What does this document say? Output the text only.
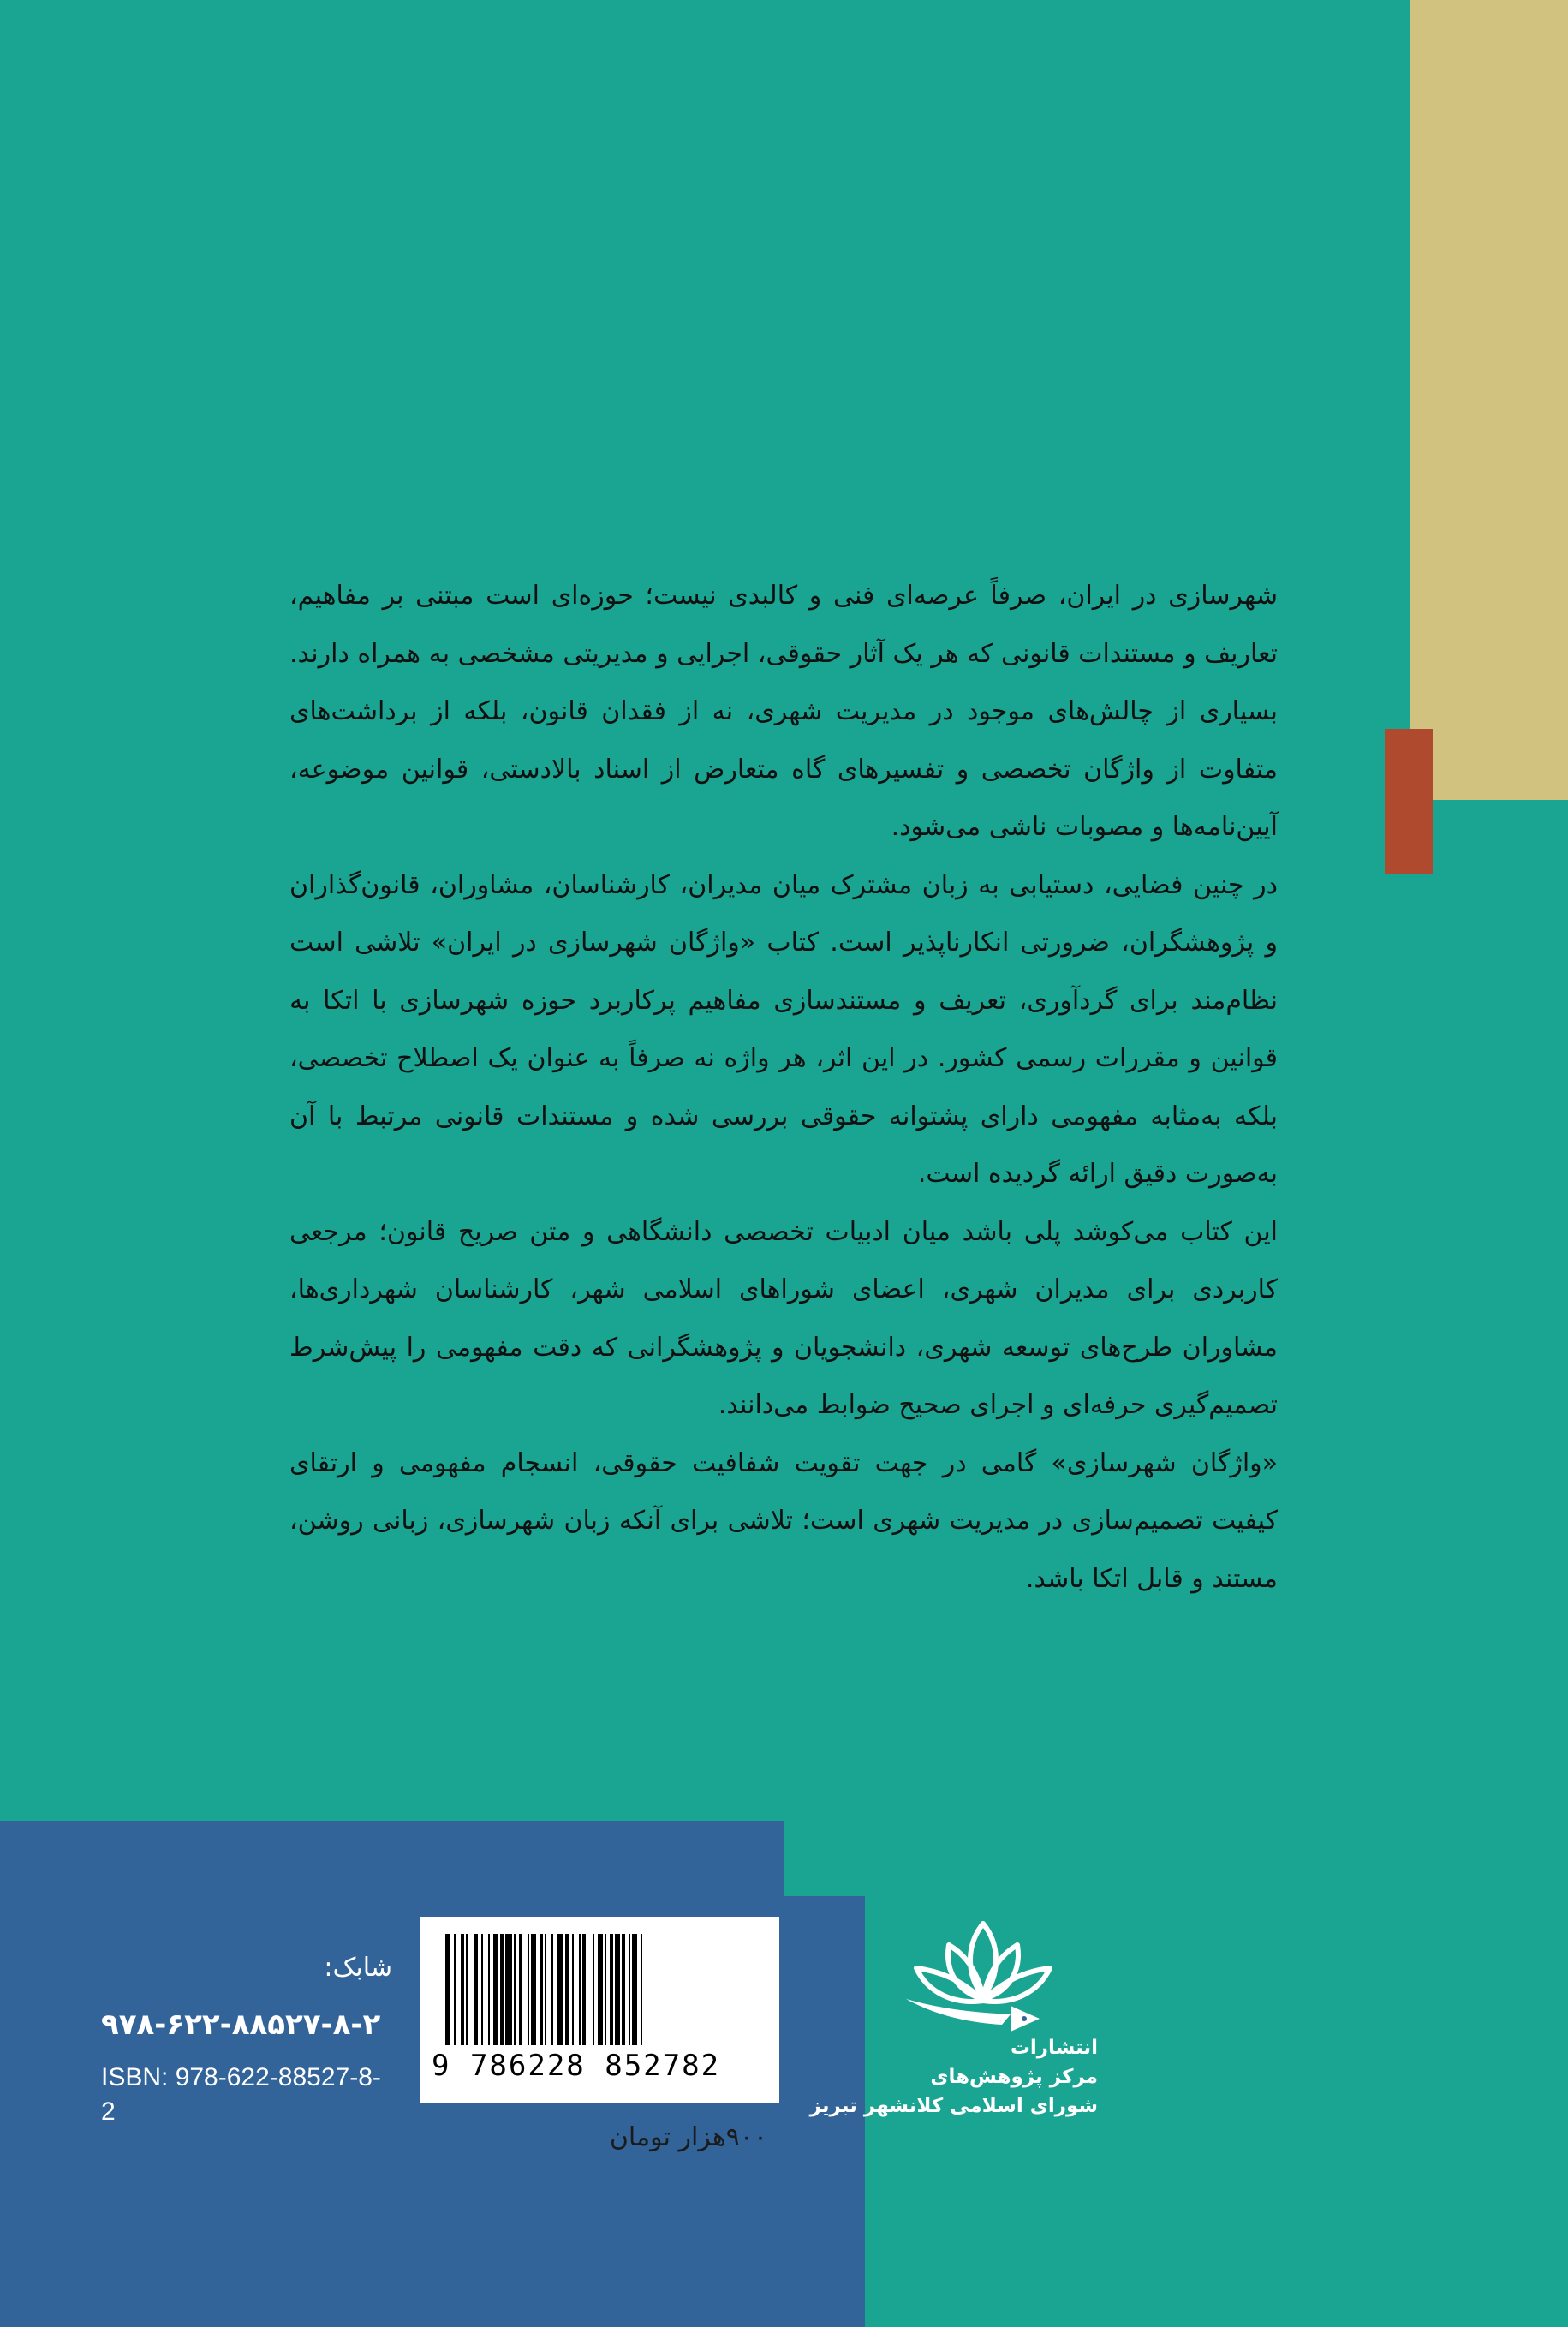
شهرسازی در ایران، صرفاً عرصه‌ای فنی و کالبدی نیست؛ حوزه‌ای است مبتنی بر مفاهیم، تعاریف و مستندات قانونی که هر یک آثار حقوقی، اجرایی و مدیریتی مشخصی به همراه دارند. بسیاری از چالش‌های موجود در مدیریت شهری، نه از فقدان قانون، بلکه از برداشت‌های متفاوت از واژگان تخصصی و تفسیرهای گاه متعارض از اسناد بالادستی، قوانین موضوعه، آیین‌نامه‌ها و مصوبات ناشی می‌شود.

در چنین فضایی، دستیابی به زبان مشترک میان مدیران، کارشناسان، مشاوران، قانون‌گذاران و پژوهشگران، ضرورتی انکارناپذیر است. کتاب «واژگان شهرسازی در ایران» تلاشی است نظام‌مند برای گردآوری، تعریف و مستندسازی مفاهیم پرکاربرد حوزه شهرسازی با اتکا به قوانین و مقررات رسمی کشور. در این اثر، هر واژه نه صرفاً به عنوان یک اصطلاح تخصصی، بلکه به‌مثابه مفهومی دارای پشتوانه حقوقی بررسی شده و مستندات قانونی مرتبط با آن به‌صورت دقیق ارائه گردیده است.

این کتاب می‌کوشد پلی باشد میان ادبیات تخصصی دانشگاهی و متن صریح قانون؛ مرجعی کاربردی برای مدیران شهری، اعضای شوراهای اسلامی شهر، کارشناسان شهرداری‌ها، مشاوران طرح‌های توسعه شهری، دانشجویان و پژوهشگرانی که دقت مفهومی را پیش‌شرط تصمیم‌گیری حرفه‌ای و اجرای صحیح ضوابط می‌دانند.

«واژگان شهرسازی» گامی در جهت تقویت شفافیت حقوقی، انسجام مفهومی و ارتقای کیفیت تصمیم‌سازی در مدیریت شهری است؛ تلاشی برای آنکه زبان شهرسازی، زبانی روشن، مستند و قابل اتکا باشد.

9 786228 852782
شابک:
۹۷۸-۶۲۲-۸۸۵۲۷-۸-۲
ISBN: 978-622-88527-8-2
۹۰۰هزار تومان
انتشارات
مرکز پژوهش‌های
شورای اسلامی کلانشهر تبریز
